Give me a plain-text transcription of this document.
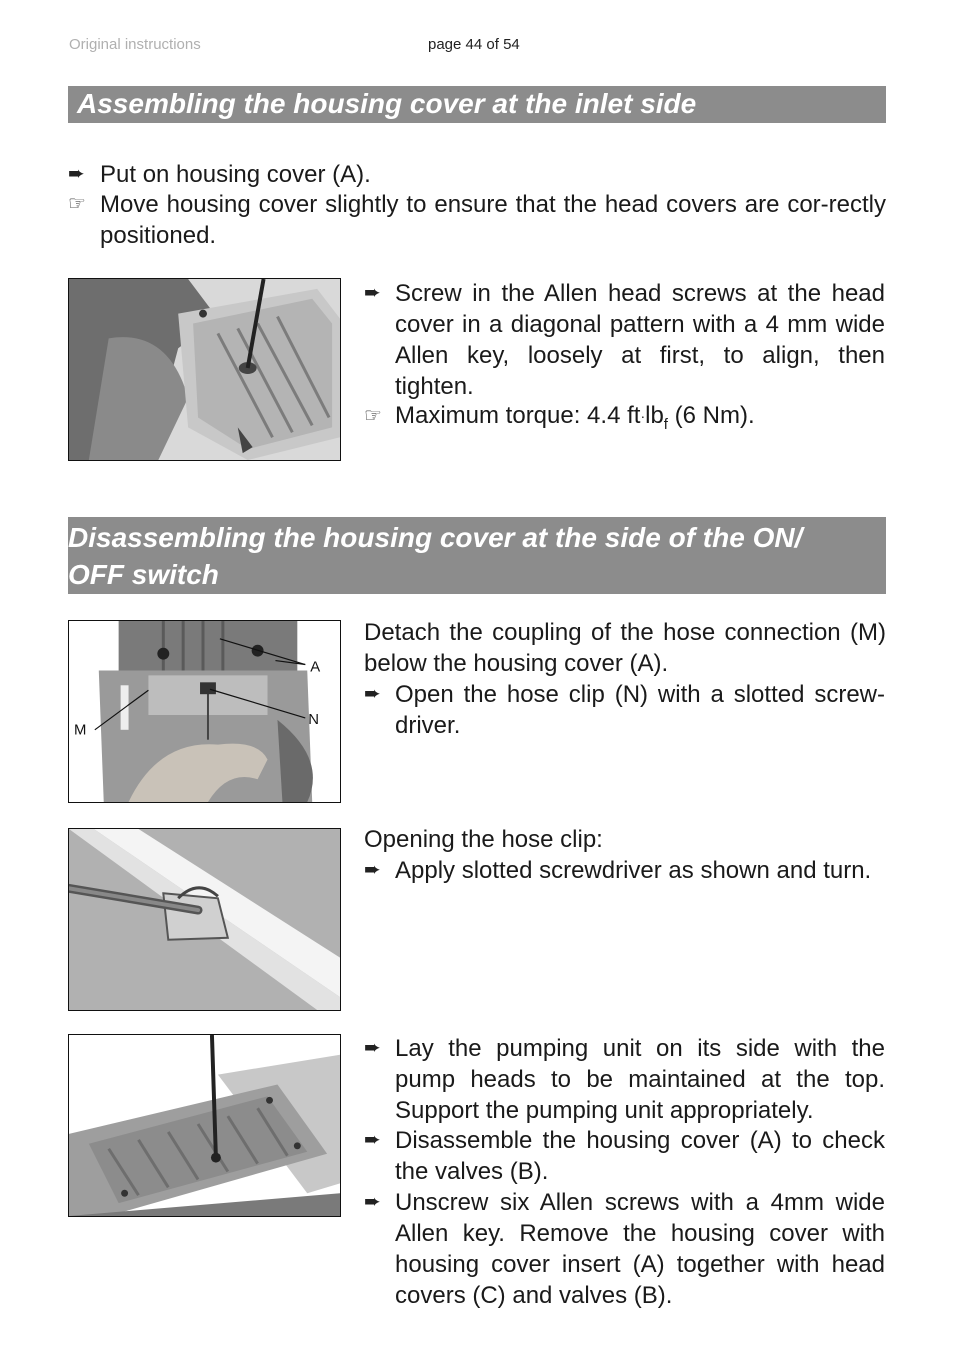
Original instructions	page 44 of 54
Assembling the housing cover at the inlet side
➨ Put on housing cover (A).
☞ Move housing cover slightly to ensure that the head covers are cor-rectly positioned.
➨ Screw in the Allen head screws at the head cover in a diagonal pattern with a 4 mm wide Allen key, loosely at first, to align, then tighten.
☞ Maximum torque: 4.4 $ft\cdot lb_f$ (6 Nm).
Disassembling the housing cover at the side of the ON/
OFF switch
A
N
M
Detach the coupling of the hose connection (M) below the housing cover (A).
➨ Open the hose clip (N) with a slotted screw-driver.
Opening the hose clip:
➨ Apply slotted screwdriver as shown and turn.
➨ Lay the pumping unit on its side with the pump heads to be maintained at the top. Support the pumping unit appropriately.
➨ Disassemble the housing cover (A) to check the valves (B).
➨ Unscrew six Allen screws with a 4mm wide Allen key. Remove the housing cover with housing cover insert (A) together with head covers (C) and valves (B).
